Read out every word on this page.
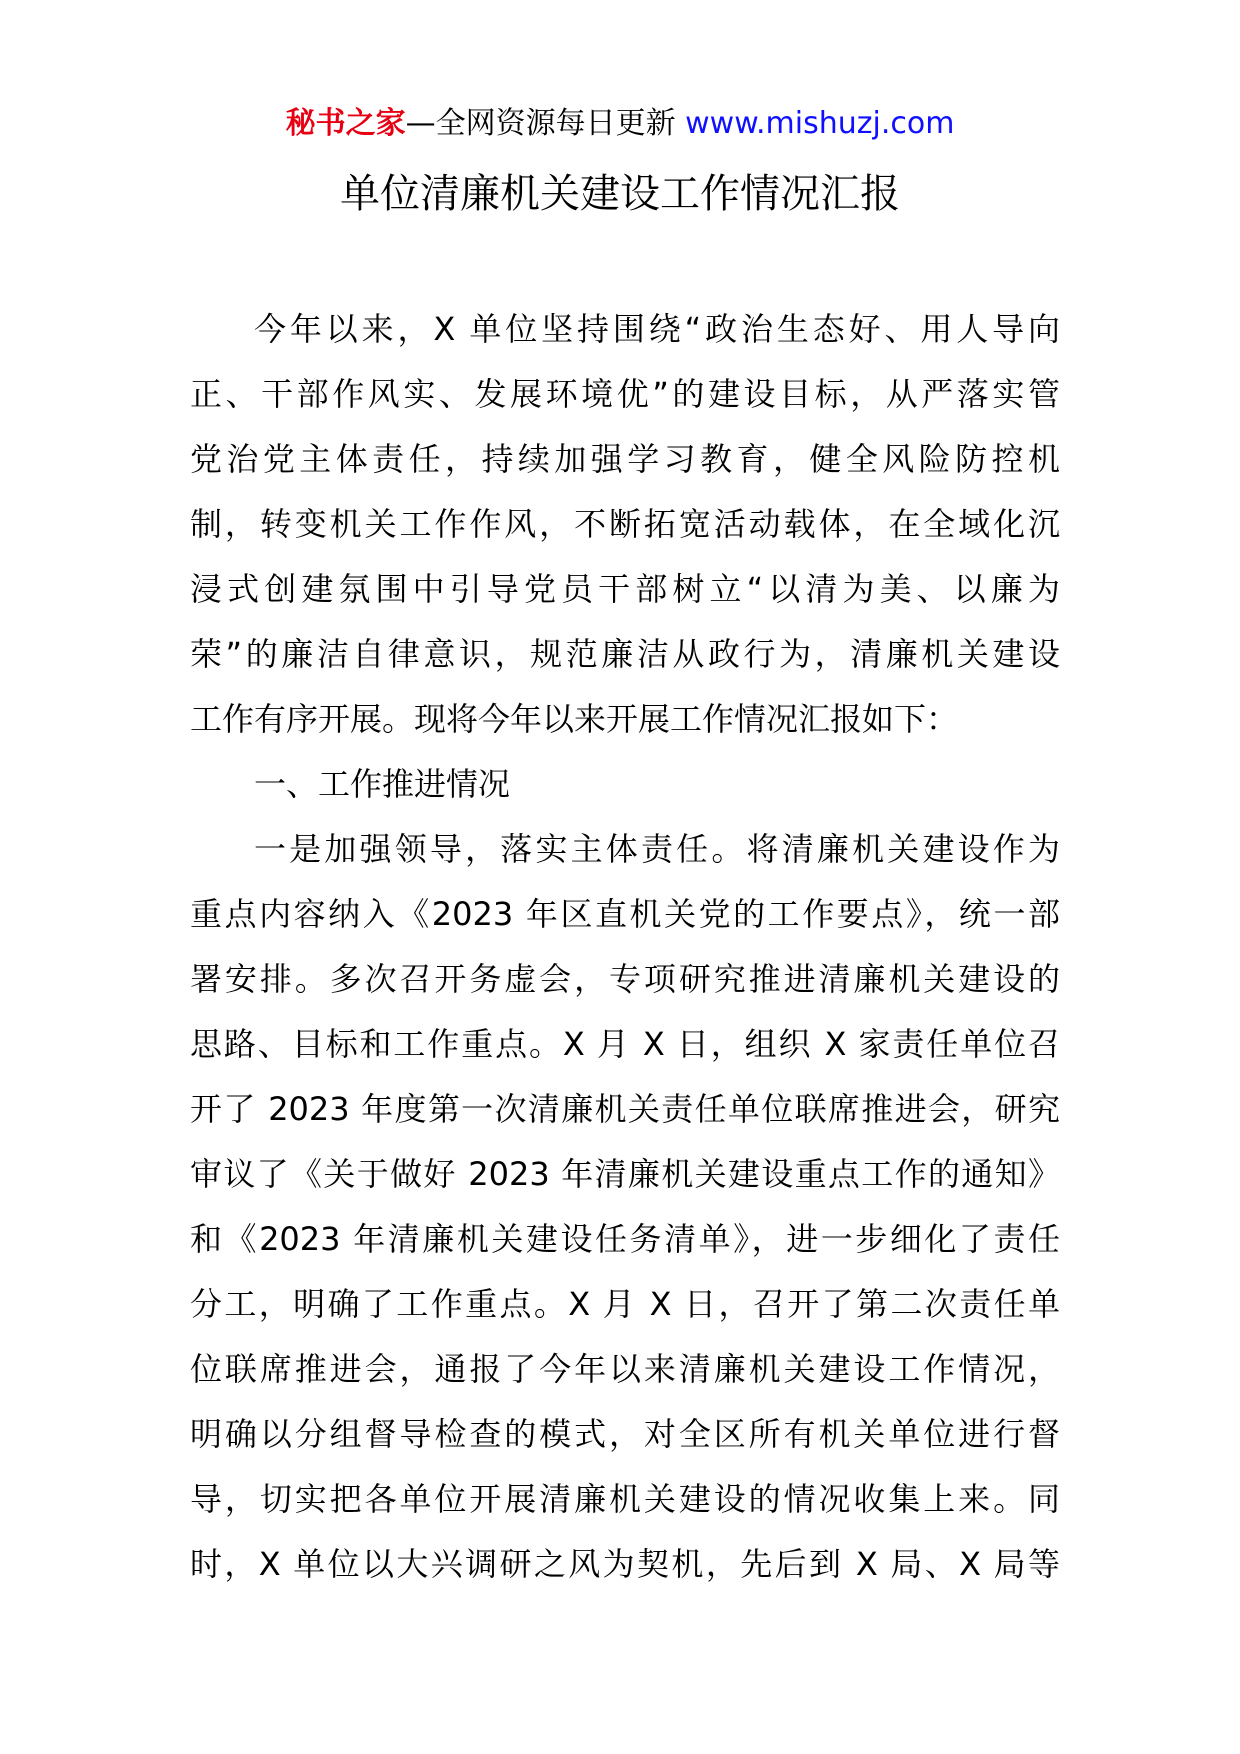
秘书之家—全网资源每日更新 www.mishuzj.com
单位清廉机关建设工作情况汇报
今年以来，X 单位坚持围绕“政治生态好、用人导向
正、干部作风实、发展环境优”的建设目标，从严落实管
党治党主体责任，持续加强学习教育，健全风险防控机
制，转变机关工作作风，不断拓宽活动载体，在全域化沉
浸式创建氛围中引导党员干部树立“以清为美、以廉为
荣”的廉洁自律意识，规范廉洁从政行为，清廉机关建设
工作有序开展。现将今年以来开展工作情况汇报如下：
一、工作推进情况
一是加强领导，落实主体责任。将清廉机关建设作为
重点内容纳入《2023 年区直机关党的工作要点》，统一部
署安排。多次召开务虚会，专项研究推进清廉机关建设的
思路、目标和工作重点。X 月 X 日，组织 X 家责任单位召
开了 2023 年度第一次清廉机关责任单位联席推进会，研究
审议了《关于做好 2023 年清廉机关建设重点工作的通知》
和《2023 年清廉机关建设任务清单》，进一步细化了责任
分工，明确了工作重点。X 月 X 日，召开了第二次责任单
位联席推进会，通报了今年以来清廉机关建设工作情况，
明确以分组督导检查的模式，对全区所有机关单位进行督
导，切实把各单位开展清廉机关建设的情况收集上来。同
时，X 单位以大兴调研之风为契机，先后到 X 局、X 局等
